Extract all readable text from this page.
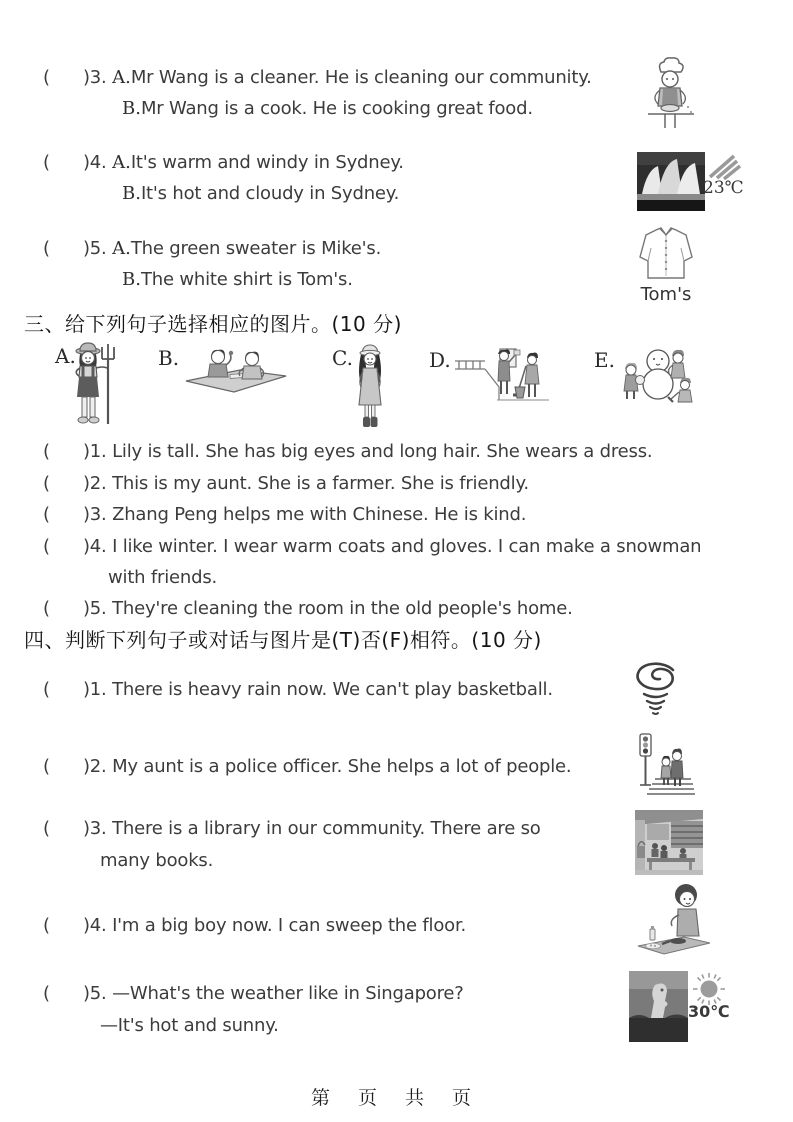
(      )3. A.Mr Wang is a cleaner. He is cleaning our community.
B.Mr Wang is a cook. He is cooking great food.
(      )4. A.It's warm and windy in Sydney.
B.It's hot and cloudy in Sydney.	23℃
(      )5. A.The green sweater is Mike's.
B.The white shirt is Tom's.
Tom's
三、给下列句子选择相应的图片。(10 分)
A.	B.	C.	D.	E.
(      )1. Lily is tall. She has big eyes and long hair. She wears a dress.
(      )2. This is my aunt. She is a farmer. She is friendly.
(      )3. Zhang Peng helps me with Chinese. He is kind.
(      )4. I like winter. I wear warm coats and gloves. I can make a snowman
with friends.
(      )5. They're cleaning the room in the old people's home.
四、判断下列句子或对话与图片是(T)否(F)相符。(10 分)
(      )1. There is heavy rain now. We can't play basketball.
(      )2. My aunt is a police officer. She helps a lot of people.
(      )3. There is a library in our community. There are so
many books.
(      )4. I'm a big boy now. I can sweep the floor.
(      )5. —What's the weather like in Singapore?
—It's hot and sunny.
30℃
第 页 共 页
